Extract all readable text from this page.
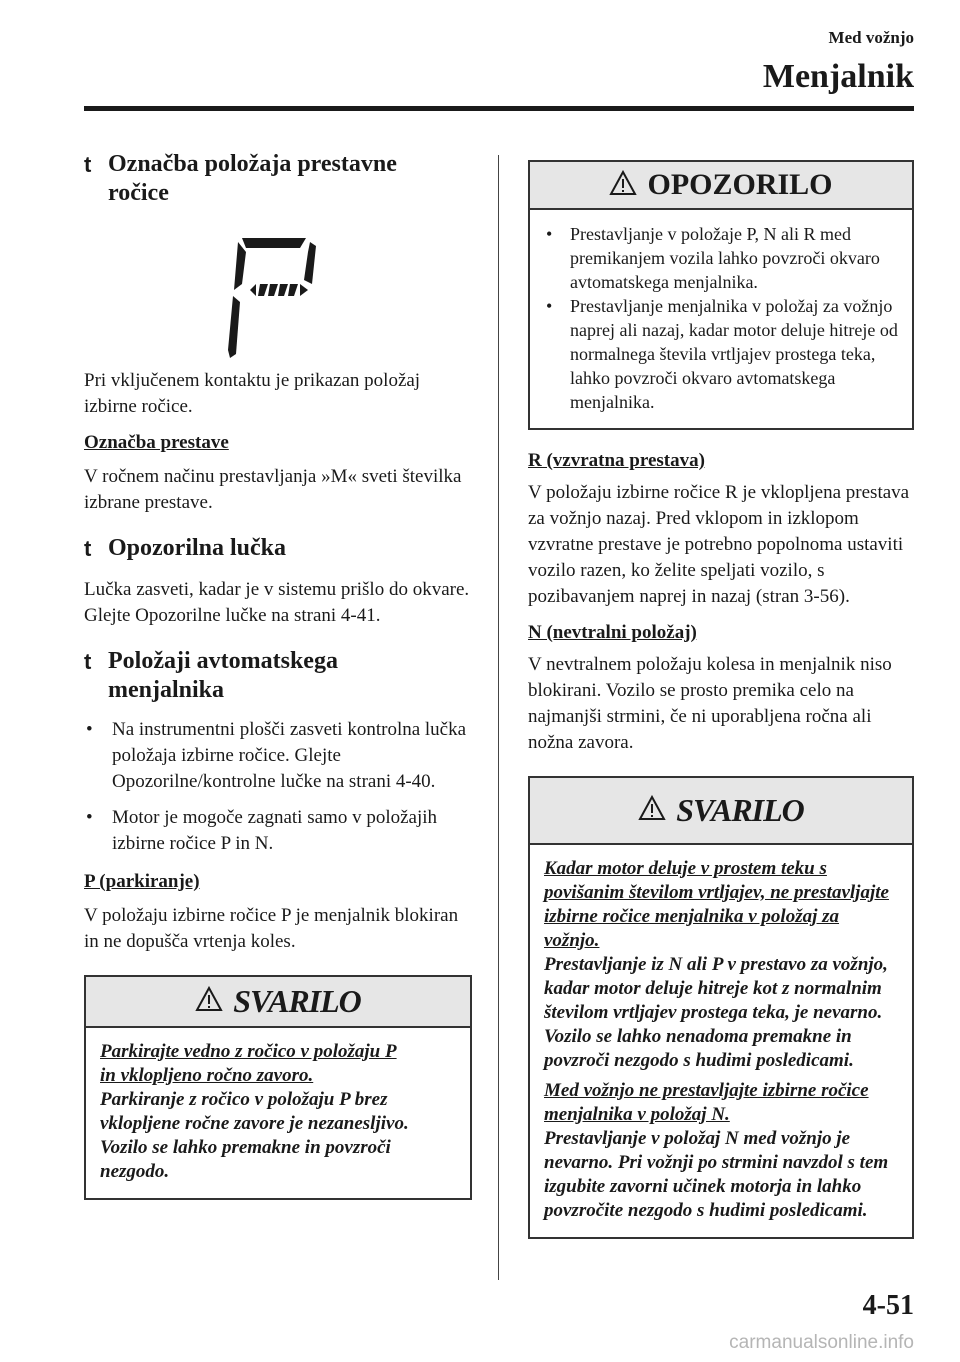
Med vožnjo
Menjalnik
t Označba položaja prestavne
ročice

Pri vključenem kontaktu je prikazan položaj izbirne ročice.

Označba prestave

V ročnem načinu prestavljanja »M« sveti številka izbrane prestave.

t Opozorilna lučka

Lučka zasveti, kadar je v sistemu prišlo do okvare.

Glejte Opozorilne lučke na strani 4-41.

t Položaji avtomatskega
menjalnika
• Na instrumentni plošči zasveti kontrolna lučka položaja izbirne ročice. Glejte Opozorilne/kontrolne lučke na strani 4-40.
• Motor je mogoče zagnati samo v položajih izbirne ročice P in N.
P (parkiranje)

V položaju izbirne ročice P je menjalnik blokiran in ne dopušča vrtenja koles.

SVARILO
Parkirajte vedno z ročico v položaju P
in vklopljeno ročno zavoro.
Parkiranje z ročico v položaju P brez vklopljene ročne zavore je nezanesljivo. Vozilo se lahko premakne in povzroči nezgodo.
OPOZORILO
• Prestavljanje v položaje P, N ali R med premikanjem vozila lahko povzroči okvaro avtomatskega menjalnika.
• Prestavljanje menjalnika v položaj za vožnjo naprej ali nazaj, kadar motor deluje hitreje od normalnega števila vrtljajev prostega teka, lahko povzroči okvaro avtomatskega menjalnika.
R (vzvratna prestava)

V položaju izbirne ročice R je vklopljena prestava za vožnjo nazaj. Pred vklopom in izklopom vzvratne prestave je potrebno popolnoma ustaviti vozilo razen, ko želite speljati vozilo, s pozibavanjem naprej in nazaj (stran 3-56).

N (nevtralni položaj)

V nevtralnem položaju kolesa in menjalnik niso blokirani. Vozilo se prosto premika celo na najmanjši strmini, če ni uporabljena ročna ali nožna zavora.

SVARILO
Kadar motor deluje v prostem teku s povišanim številom vrtljajev, ne prestavljajte izbirne ročice menjalnika v položaj za vožnjo.
Prestavljanje iz N ali P v prestavo za vožnjo, kadar motor deluje hitreje kot z normalnim številom vrtljajev prostega teka, je nevarno. Vozilo se lahko nenadoma premakne in povzroči nezgodo s hudimi posledicami.
Med vožnjo ne prestavljajte izbirne ročice menjalnika v položaj N.
Prestavljanje v položaj N med vožnjo je nevarno. Pri vožnji po strmini navzdol s tem izgubite zavorni učinek motorja in lahko povzročite nezgodo s hudimi posledicami.
4-51
carmanualsonline.info
